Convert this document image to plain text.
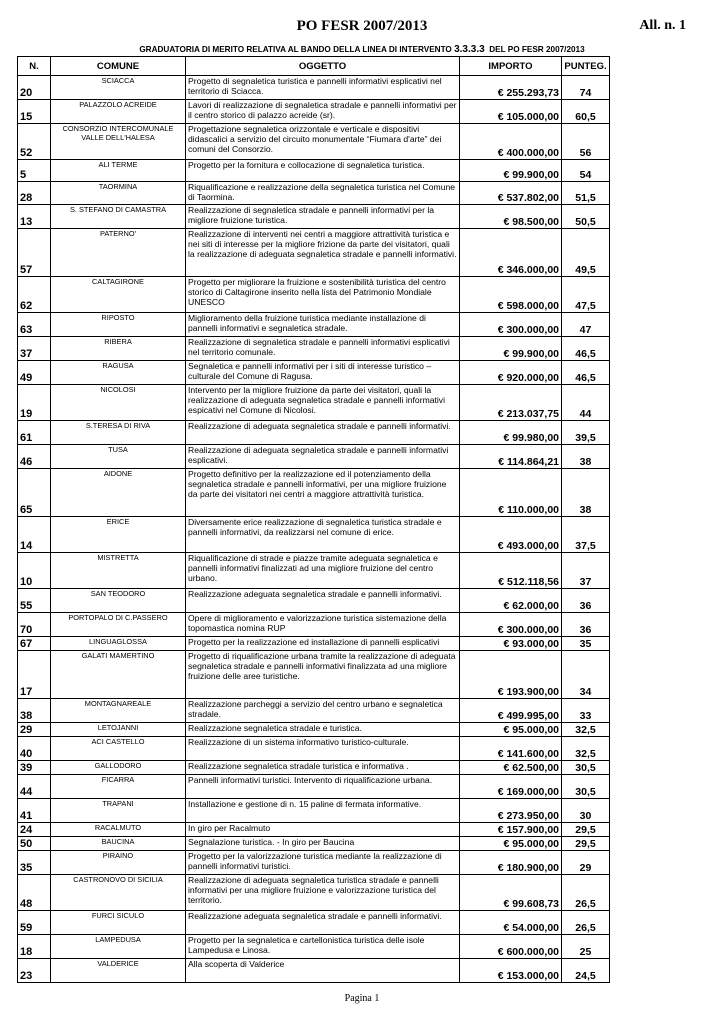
PO FESR 2007/2013	All. n. 1
GRADUATORIA DI MERITO RELATIVA AL BANDO DELLA LINEA DI INTERVENTO 3.3.3.3 DEL PO FESR 2007/2013
N.	COMUNE	OGGETTO	IMPORTO	PUNTEG.
20	SCIACCA	Progetto di segnaletica turistica e pannelli informativi esplicativi nel territorio di Sciacca.	€ 255.293,73	74
15	PALAZZOLO ACREIDE	Lavori di realizzazione di segnaletica stradale e pannelli informativi per il centro storico di palazzo acreide (sr).	€ 105.000,00	60,5
52	CONSORZIO INTERCOMUNALE VALLE DELL'HALESA	Progettazione segnaletica orizzontale e verticale e dispositivi didascalici a servizio del circuito monumentale “Fiumara d'arte” dei comuni del Consorzio.	€ 400.000,00	56
5	ALI TERME	Progetto per la fornitura e collocazione di segnaletica turistica.	€ 99.900,00	54
28	TAORMINA	Riqualificazione e realizzazione della segnaletica turistica nel Comune di Taormina.	€ 537.802,00	51,5
13	S. STEFANO DI CAMASTRA	Realizzazione di segnaletica stradale e pannelli informativi per la migliore fruizione turistica.	€ 98.500,00	50,5
57	PATERNO'	Realizzazione di interventi nei centri a maggiore attrattività turistica e nei siti di interesse per la migliore frizione da parte dei visitatori, quali la realizzazione di adeguata segnaletica stradale e pannelli informativi.	€ 346.000,00	49,5
62	CALTAGIRONE	Progetto per migliorare la fruizione e sostenibilità turistica del centro storico di Caltagirone inserito nella lista del Patrimonio Mondiale UNESCO	€ 598.000,00	47,5
63	RIPOSTO	Miglioramento della fruizione turistica mediante installazione di pannelli informativi e segnaletica stradale.	€ 300.000,00	47
37	RIBERA	Realizzazione di segnaletica stradale e pannelli informativi esplicativi nel territorio comunale.	€ 99.900,00	46,5
49	RAGUSA	Segnaletica e pannelli informativi per i siti di interesse turistico – culturale del Comune di Ragusa.	€ 920.000,00	46,5
19	NICOLOSI	Intervento per la migliore fruizione da parte dei visitatori, quali la realizzazione di adeguata segnaletica stradale e pannelli informativi espicativi nel Comune di Nicolosi.	€ 213.037,75	44
61	S.TERESA DI RIVA	Realizzazione di adeguata segnaletica stradale e pannelli informativi.	€ 99.980,00	39,5
46	TUSA	Realizzazione di adeguata segnaletica stradale e pannelli informativi esplicativi.	€ 114.864,21	38
65	AIDONE	Progetto definitivo per la realizzazione ed il potenziamento della segnaletica stradale e pannelli informativi, per una migliore fruizione da parte dei visitatori nei centri a maggiore attrattività turistica.	€ 110.000,00	38
14	ERICE	Diversamente erice realizzazione di segnaletica turistica stradale e pannelli informativi, da realizzarsi nel comune di erice.	€ 493.000,00	37,5
10	MISTRETTA	Riqualificazione di strade e piazze tramite adeguata segnaletica e pannelli informativi finalizzati ad una migliore fruizione del centro urbano.	€ 512.118,56	37
55	SAN TEODORO	Realizzazione adeguata segnaletica stradale e pannelli informativi.	€ 62.000,00	36
70	PORTOPALO DI C.PASSERO	Opere di miglioramento e valorizzazione turistica sistemazione della topomastica nomina RUP	€ 300.000,00	36
67	LINGUAGLOSSA	Progetto per la realizzazione ed installazione di pannelli esplicativi	€ 93.000,00	35
17	GALATI MAMERTINO	Progetto di riqualificazione urbana tramite la realizzazione di adeguata segnaletica stradale e pannelli informativi finalizzata ad una migliore fruizione delle aree turistiche.	€ 193.900,00	34
38	MONTAGNAREALE	Realizzazione parcheggi a servizio del centro urbano e segnaletica stradale.	€ 499.995,00	33
29	LETOJANNI	Realizzazione segnaletica stradale e turistica.	€ 95.000,00	32,5
40	ACI CASTELLO	Realizzazione di un sistema informativo turistico-culturale.	€ 141.600,00	32,5
39	GALLODORO	Realizzazione segnaletica stradale turistica e informativa .	€ 62.500,00	30,5
44	FICARRA	Pannelli informativi turistici. Intervento di riqualificazione urbana.	€ 169.000,00	30,5
41	TRAPANI	Installazione e gestione di n. 15 paline di fermata informative.	€ 273.950,00	30
24	RACALMUTO	In giro per Racalmuto	€ 157.900,00	29,5
50	BAUCINA	Segnalazione turistica. - In giro per Baucina	€ 95.000,00	29,5
35	PIRAINO	Progetto per la valorizzazione turistica mediante la realizzazione di pannelli informativi turistici.	€ 180.900,00	29
48	CASTRONOVO DI SICILIA	Realizzazione di adeguata segnaletica turistica stradale e pannelli informativi per una migliore fruizione e valorizzazione turistica del territorio.	€ 99.608,73	26,5
59	FURCI SICULO	Realizzazione adeguata segnaletica stradale e pannelli informativi.	€ 54.000,00	26,5
18	LAMPEDUSA	Progetto per la segnaletica e cartellonistica turistica delle isole Lampedusa e Linosa.	€ 600.000,00	25
23	VALDERICE	Alla scoperta di Valderice	€ 153.000,00	24,5
Pagina 1
